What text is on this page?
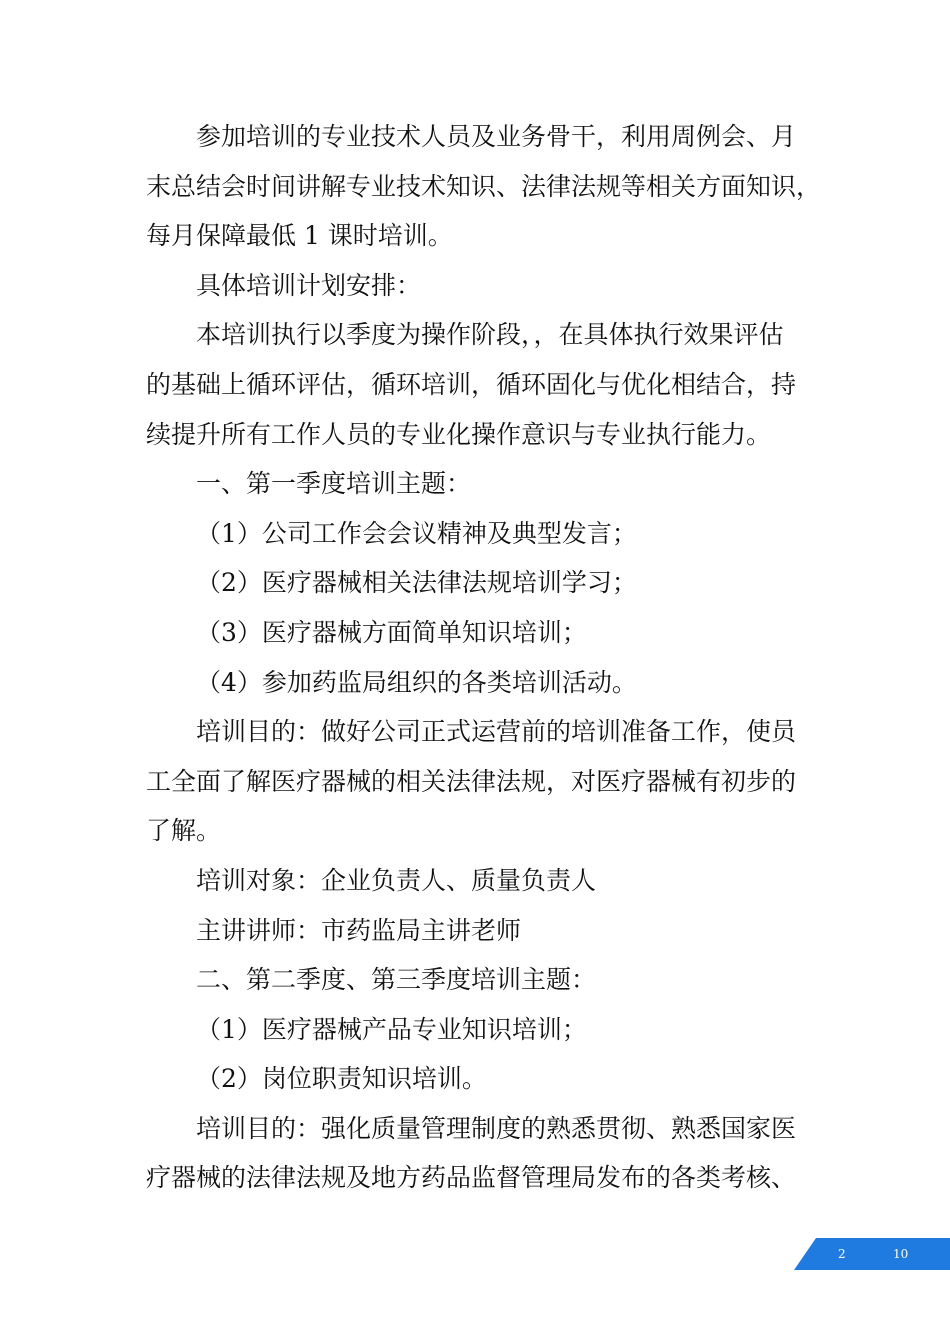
参加培训的专业技术人员及业务骨干，利用周例会、月
末总结会时间讲解专业技术知识、法律法规等相关方面知识，
每月保障最低 1 课时培训。

具体培训计划安排：

本培训执行以季度为操作阶段，，在具体执行效果评估
的基础上循环评估，循环培训，循环固化与优化相结合，持
续提升所有工作人员的专业化操作意识与专业执行能力。

一、第一季度培训主题：

（1）公司工作会会议精神及典型发言；

（2）医疗器械相关法律法规培训学习；

（3）医疗器械方面简单知识培训；

（4）参加药监局组织的各类培训活动。

培训目的：做好公司正式运营前的培训准备工作，使员
工全面了解医疗器械的相关法律法规，对医疗器械有初步的
了解。

培训对象：企业负责人、质量负责人

主讲讲师：市药监局主讲老师

二、第二季度、第三季度培训主题：

（1）医疗器械产品专业知识培训；

（2）岗位职责知识培训。

培训目的：强化质量管理制度的熟悉贯彻、熟悉国家医
疗器械的法律法规及地方药品监督管理局发布的各类考核、

2	10
